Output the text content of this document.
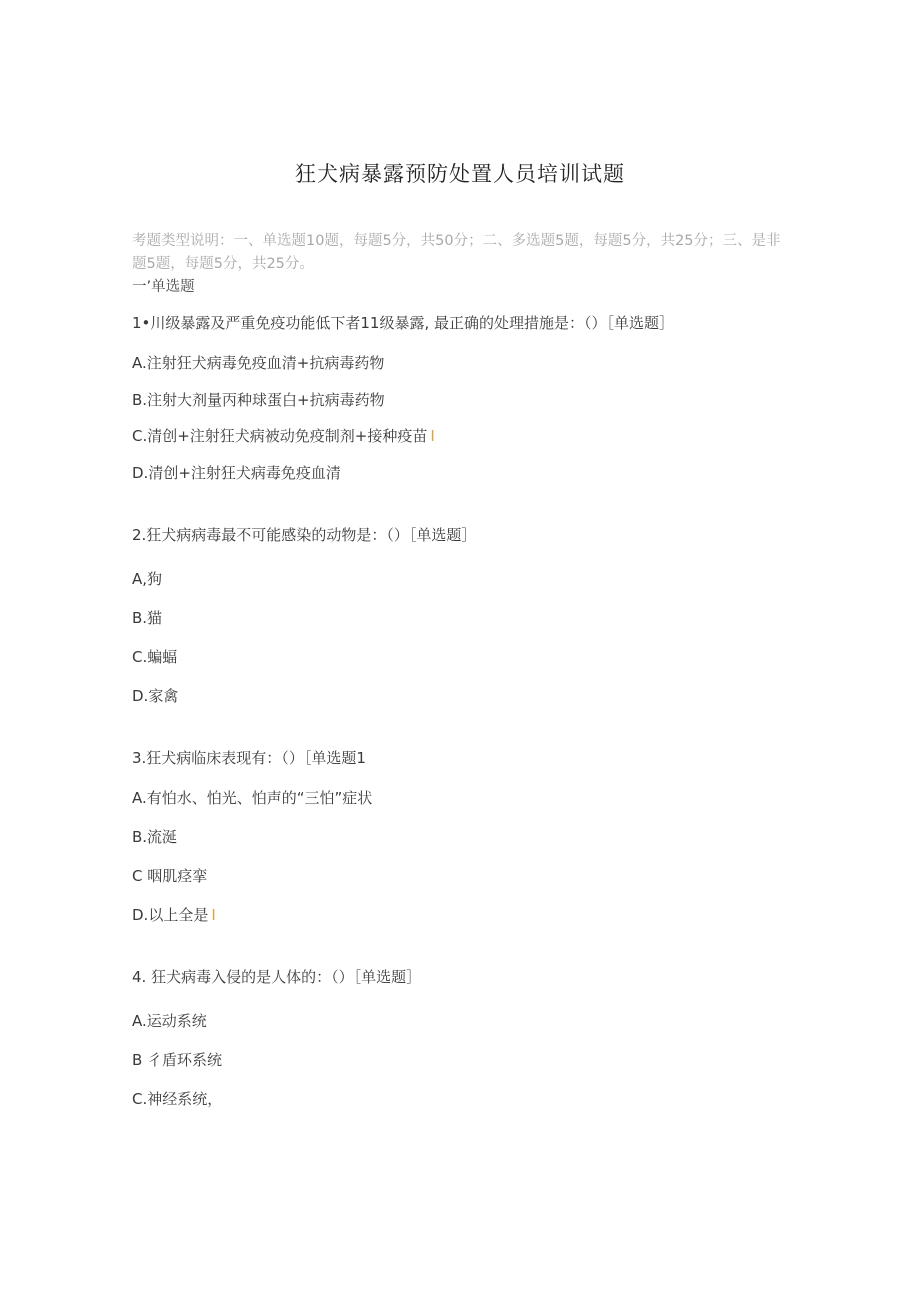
狂犬病暴露预防处置人员培训试题
考题类型说明：一、单选题10题，每题5分，共50分；二、多选题5题，每题5分，共25分；三、是非题5题，每题5分，共25分。
一’单选题
1•川级暴露及严重免疫功能低下者11级暴露, 最正确的处理措施是：（）［单选题］
A.注射狂犬病毒免疫血清+抗病毒药物
B.注射大剂量丙种球蛋白+抗病毒药物
C.清创+注射狂犬病被动免疫制剂+接种疫苗 I
D.清创+注射狂犬病毒免疫血清
2.狂犬病病毒最不可能感染的动物是：（）［单选题］
A,狗
B.猫
C.蝙蝠
D.家禽
3.狂犬病临床表现有：（）［单选题1
A.有怕水、怕光、怕声的“三怕”症状
B.流涎
C 咽肌痉挛
D.以上全是 I
4. 狂犬病毒入侵的是人体的：（）［单选题］
A.运动系统
B 彳盾环系统
C.神经系统，
